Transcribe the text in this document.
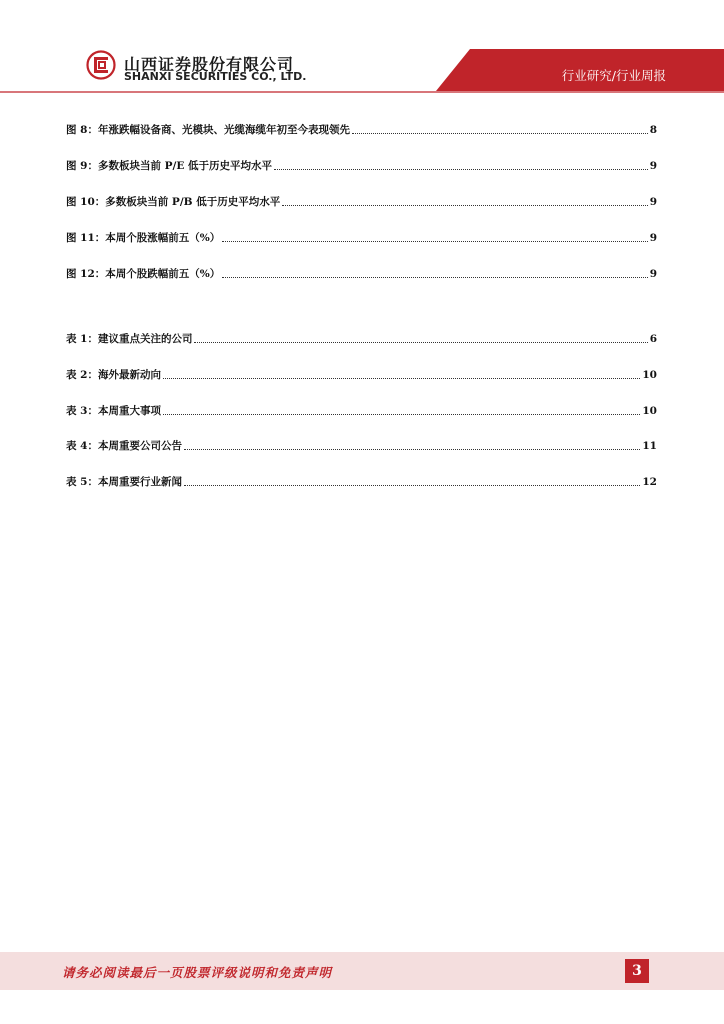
山西证券股份有限公司
SHANXI SECURITIES CO., LTD.	行业研究/行业周报
图 8： 年涨跌幅设备商、光模块、光缆海缆年初至今表现领先	8
图 9： 多数板块当前 P/E 低于历史平均水平	9
图 10： 多数板块当前 P/B 低于历史平均水平	9
图 11： 本周个股涨幅前五（%）	9
图 12： 本周个股跌幅前五（%）	9
表 1： 建议重点关注的公司	6
表 2： 海外最新动向	10
表 3： 本周重大事项	10
表 4： 本周重要公司公告	11
表 5： 本周重要行业新闻	12
请务必阅读最后一页股票评级说明和免责声明	3
